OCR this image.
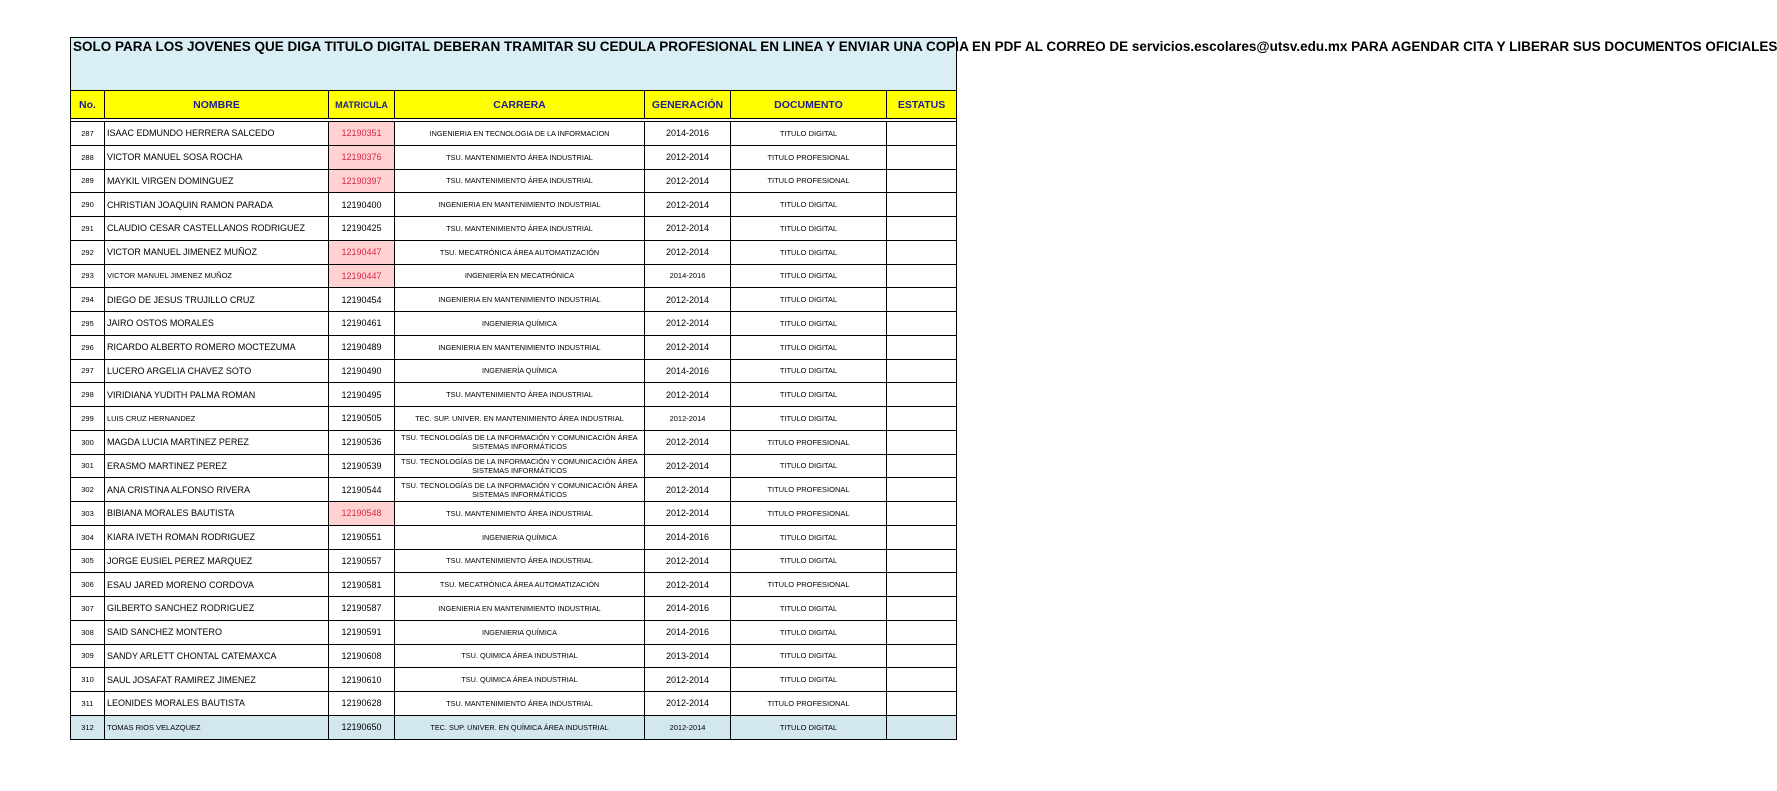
SOLO PARA LOS JOVENES QUE DIGA TITULO DIGITAL DEBERAN TRAMITAR SU CEDULA PROFESIONAL EN LINEA Y ENVIAR UNA COPIA EN PDF AL CORREO DE servicios.escolares@utsv.edu.mx PARA AGENDAR CITA Y LIBERAR SUS DOCUMENTOS OFICIALES						
No.	NOMBRE	MATRICULA	CARRERA	GENERACIÓN	DOCUMENTO	ESTATUS

287	ISAAC EDMUNDO HERRERA SALCEDO	12190351	INGENIERIA EN TECNOLOGIA DE LA INFORMACION	2014-2016	TITULO DIGITAL	
288	VICTOR MANUEL SOSA ROCHA	12190376	TSU. MANTENIMIENTO ÁREA INDUSTRIAL	2012-2014	TITULO PROFESIONAL	
289	MAYKIL VIRGEN DOMINGUEZ	12190397	TSU. MANTENIMIENTO ÁREA INDUSTRIAL	2012-2014	TITULO PROFESIONAL	
290	CHRISTIAN JOAQUIN RAMON PARADA	12190400	INGENIERIA EN MANTENIMIENTO INDUSTRIAL	2012-2014	TITULO DIGITAL	
291	CLAUDIO CESAR CASTELLANOS RODRIGUEZ	12190425	TSU. MANTENIMIENTO ÁREA INDUSTRIAL	2012-2014	TITULO DIGITAL	
292	VICTOR MANUEL JIMENEZ MUÑOZ	12190447	TSU. MECATRÓNICA ÁREA AUTOMATIZACIÓN	2012-2014	TITULO DIGITAL	
293	VICTOR MANUEL JIMENEZ MUÑOZ	12190447	INGENIERÍA EN MECATRÓNICA	2014-2016	TITULO DIGITAL	
294	DIEGO DE JESUS TRUJILLO CRUZ	12190454	INGENIERIA EN MANTENIMIENTO INDUSTRIAL	2012-2014	TITULO DIGITAL	
295	JAIRO OSTOS MORALES	12190461	INGENIERIA QUÍMICA	2012-2014	TITULO DIGITAL	
296	RICARDO ALBERTO ROMERO MOCTEZUMA	12190489	INGENIERIA EN MANTENIMIENTO INDUSTRIAL	2012-2014	TITULO DIGITAL	
297	LUCERO ARGELIA CHAVEZ SOTO	12190490	INGENIERÍA QUÍMICA	2014-2016	TITULO DIGITAL	
298	VIRIDIANA YUDITH PALMA ROMAN	12190495	TSU. MANTENIMIENTO ÁREA INDUSTRIAL	2012-2014	TITULO DIGITAL	
299	LUIS CRUZ HERNANDEZ	12190505	TEC. SUP. UNIVER. EN MANTENIMIENTO ÁREA INDUSTRIAL	2012-2014	TITULO DIGITAL	
300	MAGDA LUCIA MARTINEZ PEREZ	12190536	TSU. TECNOLOGÍAS DE LA INFORMACIÓN Y COMUNICACIÓN ÁREA SISTEMAS INFORMÁTICOS	2012-2014	TITULO PROFESIONAL	
301	ERASMO MARTINEZ PEREZ	12190539	TSU. TECNOLOGÍAS DE LA INFORMACIÓN Y COMUNICACIÓN ÁREA SISTEMAS INFORMÁTICOS	2012-2014	TITULO DIGITAL	
302	ANA CRISTINA ALFONSO RIVERA	12190544	TSU. TECNOLOGÍAS DE LA INFORMACIÓN Y COMUNICACIÓN ÁREA SISTEMAS INFORMÁTICOS	2012-2014	TITULO PROFESIONAL	
303	BIBIANA MORALES BAUTISTA	12190548	TSU. MANTENIMIENTO ÁREA INDUSTRIAL	2012-2014	TITULO PROFESIONAL	
304	KIARA IVETH ROMAN RODRIGUEZ	12190551	INGENIERIA QUÍMICA	2014-2016	TITULO DIGITAL	
305	JORGE EUSIEL PEREZ MARQUEZ	12190557	TSU. MANTENIMIENTO ÁREA INDUSTRIAL	2012-2014	TITULO DIGITAL	
306	ESAU JARED MORENO CORDOVA	12190581	TSU. MECATRÓNICA ÁREA AUTOMATIZACIÓN	2012-2014	TITULO PROFESIONAL	
307	GILBERTO SANCHEZ RODRIGUEZ	12190587	INGENIERIA EN MANTENIMIENTO INDUSTRIAL	2014-2016	TITULO DIGITAL	
308	SAID SANCHEZ MONTERO	12190591	INGENIERIA QUÍMICA	2014-2016	TITULO DIGITAL	
309	SANDY ARLETT CHONTAL CATEMAXCA	12190608	TSU. QUIMICA ÁREA INDUSTRIAL	2013-2014	TITULO DIGITAL	
310	SAUL JOSAFAT RAMIREZ JIMENEZ	12190610	TSU. QUIMICA ÁREA INDUSTRIAL	2012-2014	TITULO DIGITAL	
311	LEONIDES MORALES BAUTISTA	12190628	TSU. MANTENIMIENTO ÁREA INDUSTRIAL	2012-2014	TITULO PROFESIONAL	
312	TOMAS RIOS VELAZQUEZ	12190650	TEC. SUP. UNIVER. EN QUÍMICA ÁREA INDUSTRIAL	2012-2014	TITULO DIGITAL	
